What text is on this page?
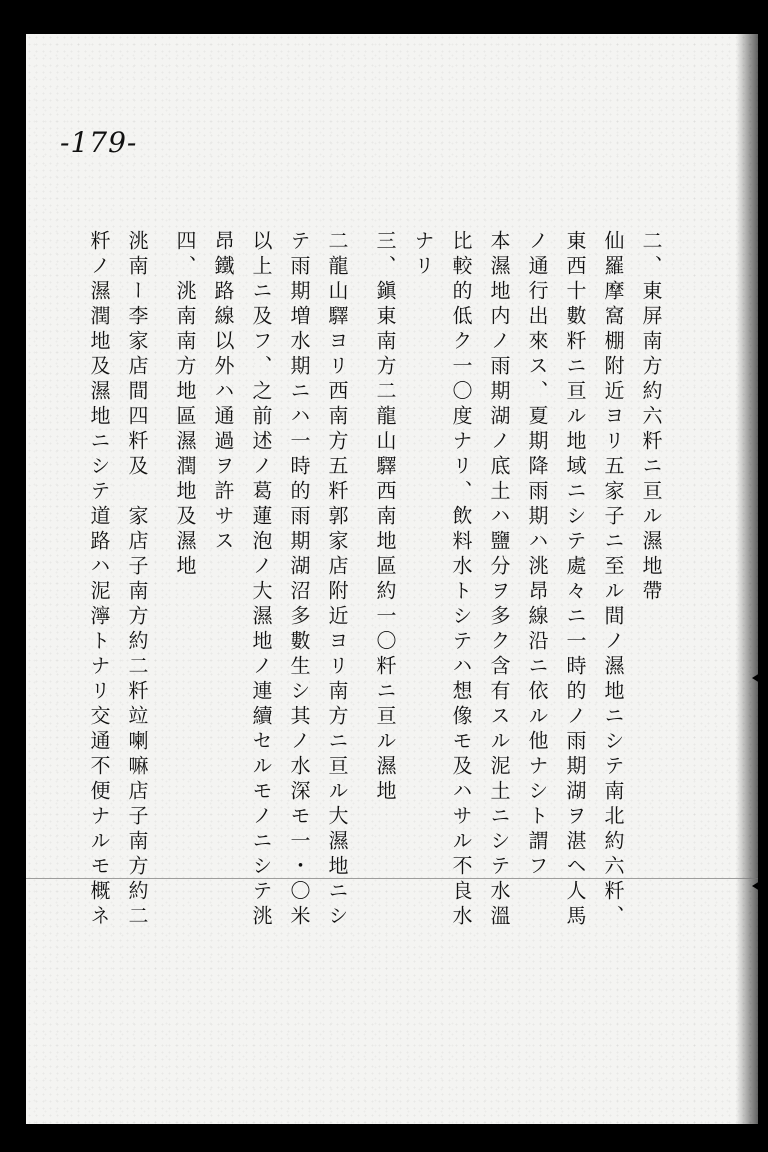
-179-
二、東屏南方約六粁ニ亘ル濕地帶
仙羅摩窩棚附近ヨリ五家子ニ至ル間ノ濕地ニシテ南北約六粁、
東西十數粁ニ亘ル地域ニシテ處々ニ一時的ノ雨期湖ヲ湛ヘ人馬
ノ通行出來ス、夏期降雨期ハ洮昂線沿ニ依ル他ナシト謂フ
本濕地内ノ雨期湖ノ底土ハ鹽分ヲ多ク含有スル泥土ニシテ水溫
比較的低ク一〇度ナリ、飲料水トシテハ想像モ及ハサル不良水
ナリ
三、鎭東南方二龍山驛西南地區約一〇粁ニ亘ル濕地
二龍山驛ヨリ西南方五粁郭家店附近ヨリ南方ニ亘ル大濕地ニシ
テ雨期増水期ニハ一時的雨期湖沼多數生シ其ノ水深モ一・〇米
以上ニ及フ、之前述ノ葛蓮泡ノ大濕地ノ連續セルモノニシテ洮
昂鐵路線以外ハ通過ヲ許サス
四、洮南南方地區濕潤地及濕地
洮南ー李家店間四粁及　家店子南方約二粁竝喇嘛店子南方約二
粁ノ濕潤地及濕地ニシテ道路ハ泥濘トナリ交通不便ナルモ概ネ
